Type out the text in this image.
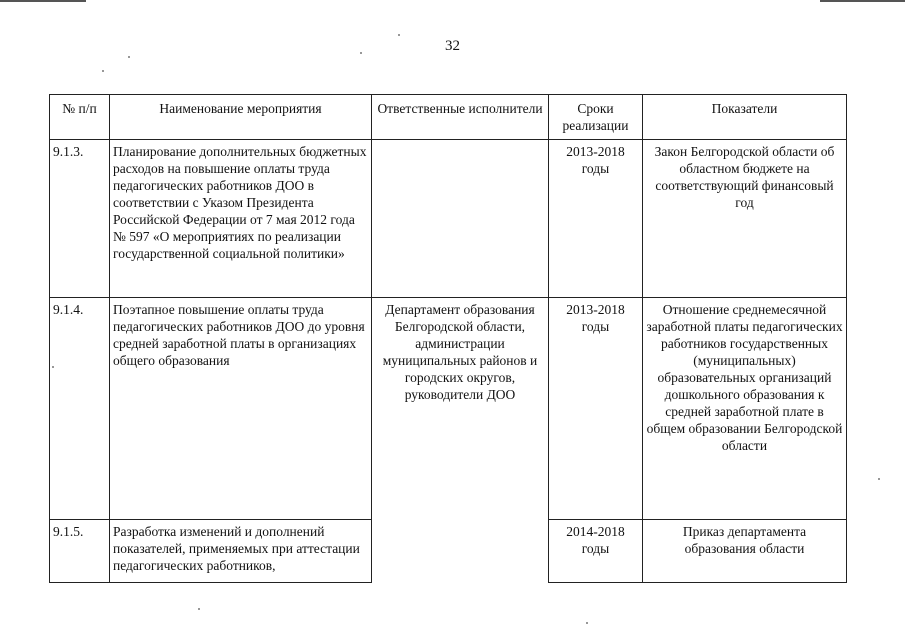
32
№ п/п	Наименование мероприятия	Ответственные исполнители	Сроки реализации	Показатели
9.1.3.	Планирование дополнительных бюджетных расходов на повышение оплаты труда педагогических работников ДОО в соответствии с Указом Президента Российской Федерации от 7 мая 2012 года № 597 «О мероприятиях по реализации государственной социальной политики»		2013-2018 годы	Закон Белгородской области об областном бюджете на соответствующий финансовый год
9.1.4.	Поэтапное повышение оплаты труда педагогических работников ДОО до уровня средней заработной платы в организациях общего образования	Департамент образования Белгородской области, администрации муниципальных районов и городских округов, руководители ДОО	2013-2018 годы	Отношение среднемесячной заработной платы педагогических работников государственных (муниципальных) образовательных организаций дошкольного образования к средней заработной плате в общем образовании Белгородской области
9.1.5.	Разработка изменений и дополнений показателей, применяемых при аттестации педагогических работников,		2014-2018 годы	Приказ департамента образования области
